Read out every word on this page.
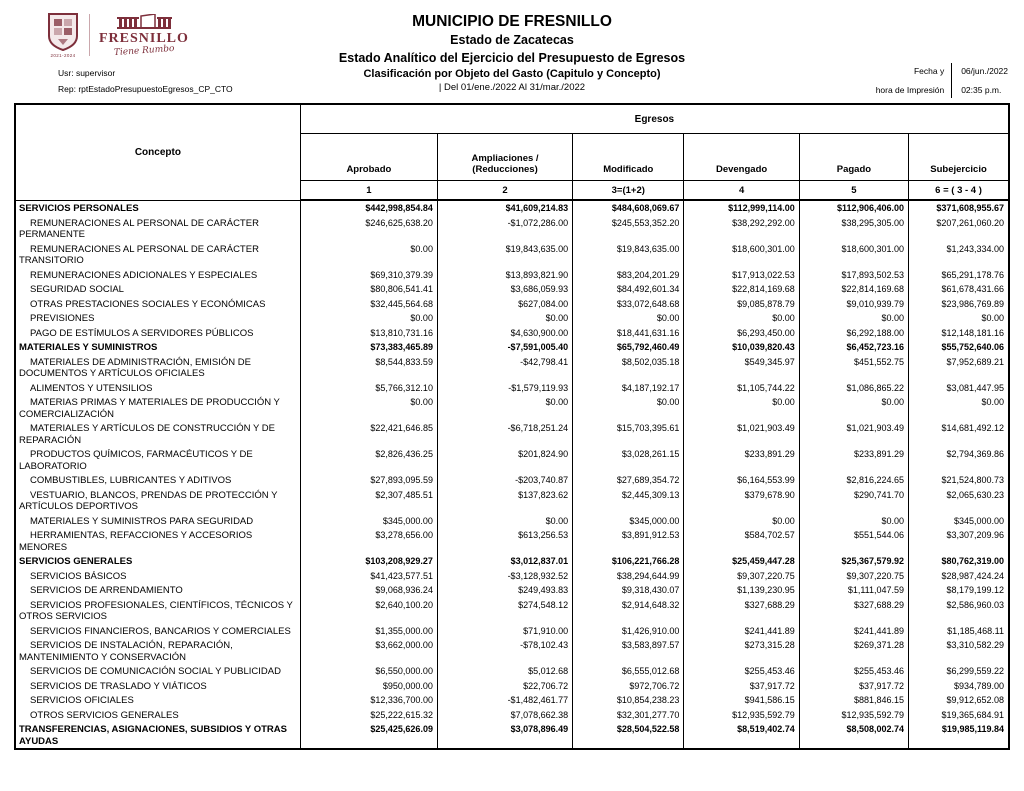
2021-2024
FRESNILLO
Tiene Rumbo
Usr: supervisor
Rep: rptEstadoPresupuestoEgresos_CP_CTO
MUNICIPIO DE FRESNILLO
Estado de Zacatecas
Estado Analítico del Ejercicio del Presupuesto de Egresos
Clasificación por Objeto del Gasto (Capitulo y Concepto)
| Del 01/ene./2022 Al 31/mar./2022
Fecha y
hora de Impresión
06/jun./2022
02:35 p.m.
Concepto	Egresos					
	Aprobado	Ampliaciones / (Reducciones)	Modificado	Devengado	Pagado	Subejercicio
	1	2	3=(1+2)	4	5	6 = ( 3 - 4 )
SERVICIOS PERSONALES	$442,998,854.84	$41,609,214.83	$484,608,069.67	$112,999,114.00	$112,906,406.00	$371,608,955.67
REMUNERACIONES AL PERSONAL DE CARÁCTER PERMANENTE	$246,625,638.20	-$1,072,286.00	$245,553,352.20	$38,292,292.00	$38,295,305.00	$207,261,060.20
REMUNERACIONES AL PERSONAL DE CARÁCTER TRANSITORIO	$0.00	$19,843,635.00	$19,843,635.00	$18,600,301.00	$18,600,301.00	$1,243,334.00
REMUNERACIONES ADICIONALES Y ESPECIALES	$69,310,379.39	$13,893,821.90	$83,204,201.29	$17,913,022.53	$17,893,502.53	$65,291,178.76
SEGURIDAD SOCIAL	$80,806,541.41	$3,686,059.93	$84,492,601.34	$22,814,169.68	$22,814,169.68	$61,678,431.66
OTRAS PRESTACIONES SOCIALES Y ECONÓMICAS	$32,445,564.68	$627,084.00	$33,072,648.68	$9,085,878.79	$9,010,939.79	$23,986,769.89
PREVISIONES	$0.00	$0.00	$0.00	$0.00	$0.00	$0.00
PAGO DE ESTÍMULOS A SERVIDORES PÚBLICOS	$13,810,731.16	$4,630,900.00	$18,441,631.16	$6,293,450.00	$6,292,188.00	$12,148,181.16
MATERIALES Y SUMINISTROS	$73,383,465.89	-$7,591,005.40	$65,792,460.49	$10,039,820.43	$6,452,723.16	$55,752,640.06
MATERIALES DE ADMINISTRACIÓN, EMISIÓN DE DOCUMENTOS Y ARTÍCULOS OFICIALES	$8,544,833.59	-$42,798.41	$8,502,035.18	$549,345.97	$451,552.75	$7,952,689.21
ALIMENTOS Y UTENSILIOS	$5,766,312.10	-$1,579,119.93	$4,187,192.17	$1,105,744.22	$1,086,865.22	$3,081,447.95
MATERIAS PRIMAS Y MATERIALES DE PRODUCCIÓN Y COMERCIALIZACIÓN	$0.00	$0.00	$0.00	$0.00	$0.00	$0.00
MATERIALES Y ARTÍCULOS DE CONSTRUCCIÓN Y DE REPARACIÓN	$22,421,646.85	-$6,718,251.24	$15,703,395.61	$1,021,903.49	$1,021,903.49	$14,681,492.12
PRODUCTOS QUÍMICOS, FARMACÉUTICOS Y DE LABORATORIO	$2,826,436.25	$201,824.90	$3,028,261.15	$233,891.29	$233,891.29	$2,794,369.86
COMBUSTIBLES, LUBRICANTES Y ADITIVOS	$27,893,095.59	-$203,740.87	$27,689,354.72	$6,164,553.99	$2,816,224.65	$21,524,800.73
VESTUARIO, BLANCOS, PRENDAS DE PROTECCIÓN Y ARTÍCULOS DEPORTIVOS	$2,307,485.51	$137,823.62	$2,445,309.13	$379,678.90	$290,741.70	$2,065,630.23
MATERIALES Y SUMINISTROS PARA SEGURIDAD	$345,000.00	$0.00	$345,000.00	$0.00	$0.00	$345,000.00
HERRAMIENTAS, REFACCIONES Y ACCESORIOS MENORES	$3,278,656.00	$613,256.53	$3,891,912.53	$584,702.57	$551,544.06	$3,307,209.96
SERVICIOS GENERALES	$103,208,929.27	$3,012,837.01	$106,221,766.28	$25,459,447.28	$25,367,579.92	$80,762,319.00
SERVICIOS BÁSICOS	$41,423,577.51	-$3,128,932.52	$38,294,644.99	$9,307,220.75	$9,307,220.75	$28,987,424.24
SERVICIOS DE ARRENDAMIENTO	$9,068,936.24	$249,493.83	$9,318,430.07	$1,139,230.95	$1,111,047.59	$8,179,199.12
SERVICIOS PROFESIONALES, CIENTÍFICOS, TÉCNICOS Y OTROS SERVICIOS	$2,640,100.20	$274,548.12	$2,914,648.32	$327,688.29	$327,688.29	$2,586,960.03
SERVICIOS FINANCIEROS, BANCARIOS Y COMERCIALES	$1,355,000.00	$71,910.00	$1,426,910.00	$241,441.89	$241,441.89	$1,185,468.11
SERVICIOS DE INSTALACIÓN, REPARACIÓN, MANTENIMIENTO Y CONSERVACIÓN	$3,662,000.00	-$78,102.43	$3,583,897.57	$273,315.28	$269,371.28	$3,310,582.29
SERVICIOS DE COMUNICACIÓN SOCIAL Y PUBLICIDAD	$6,550,000.00	$5,012.68	$6,555,012.68	$255,453.46	$255,453.46	$6,299,559.22
SERVICIOS DE TRASLADO Y VIÁTICOS	$950,000.00	$22,706.72	$972,706.72	$37,917.72	$37,917.72	$934,789.00
SERVICIOS OFICIALES	$12,336,700.00	-$1,482,461.77	$10,854,238.23	$941,586.15	$881,846.15	$9,912,652.08
OTROS SERVICIOS GENERALES	$25,222,615.32	$7,078,662.38	$32,301,277.70	$12,935,592.79	$12,935,592.79	$19,365,684.91
TRANSFERENCIAS, ASIGNACIONES, SUBSIDIOS Y OTRAS AYUDAS	$25,425,626.09	$3,078,896.49	$28,504,522.58	$8,519,402.74	$8,508,002.74	$19,985,119.84
